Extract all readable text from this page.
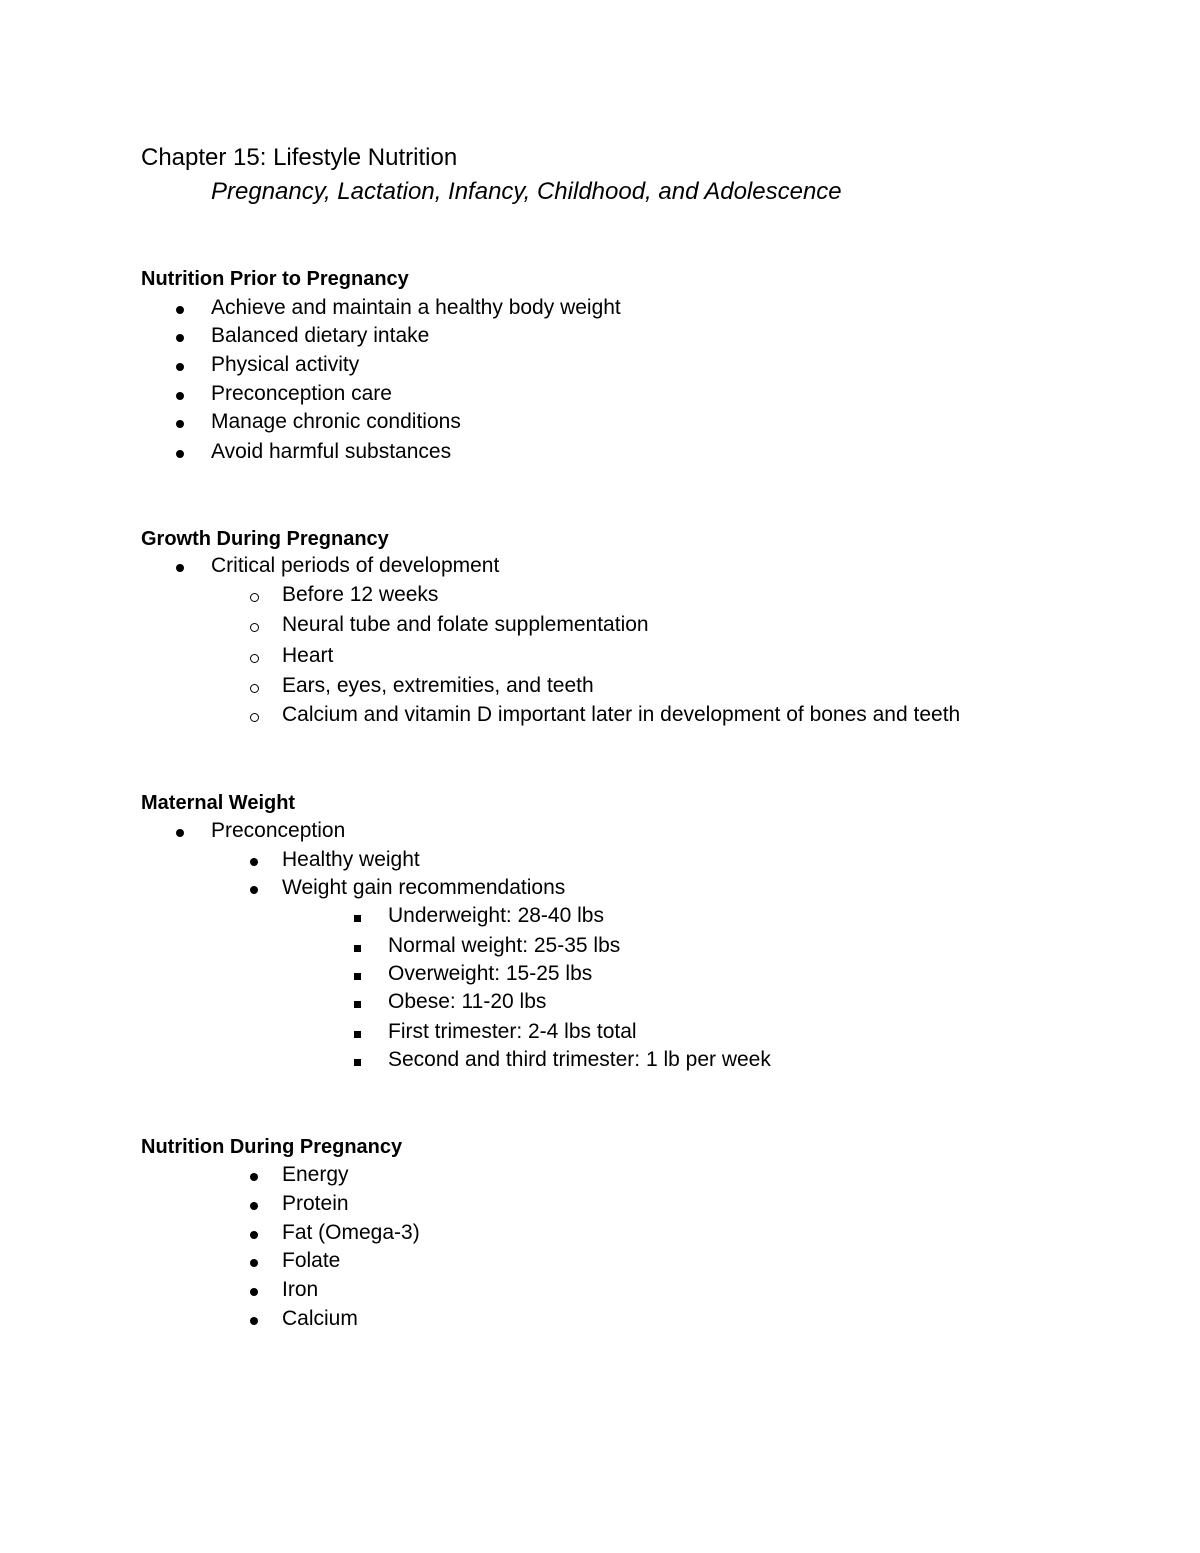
Chapter 15: Lifestyle Nutrition
Pregnancy, Lactation, Infancy, Childhood, and Adolescence
Nutrition Prior to Pregnancy
Achieve and maintain a healthy body weight
Balanced dietary intake
Physical activity
Preconception care
Manage chronic conditions
Avoid harmful substances
Growth During Pregnancy
Critical periods of development
Before 12 weeks
Neural tube and folate supplementation
Heart
Ears, eyes, extremities, and teeth
Calcium and vitamin D important later in development of bones and teeth
Maternal Weight
Preconception
Healthy weight
Weight gain recommendations
Underweight: 28-40 lbs
Normal weight: 25-35 lbs
Overweight: 15-25 lbs
Obese: 11-20 lbs
First trimester: 2-4 lbs total
Second and third trimester: 1 lb per week
Nutrition During Pregnancy
Energy
Protein
Fat (Omega-3)
Folate
Iron
Calcium
